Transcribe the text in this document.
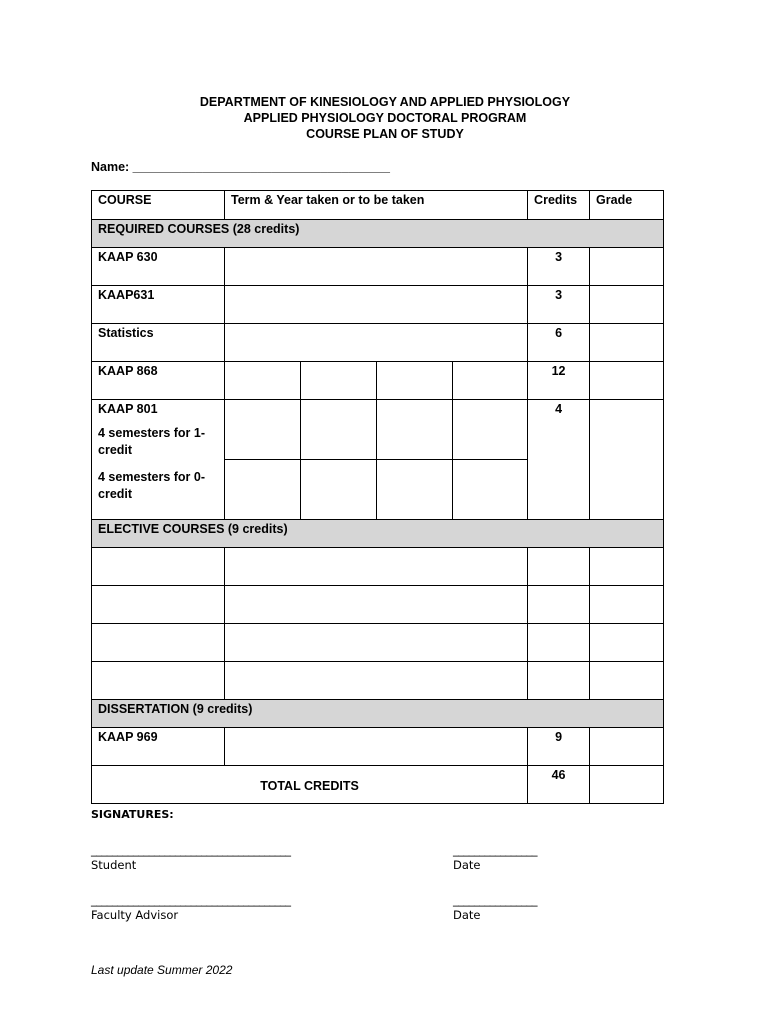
DEPARTMENT OF KINESIOLOGY AND APPLIED PHYSIOLOGY
APPLIED PHYSIOLOGY DOCTORAL PROGRAM
COURSE PLAN OF STUDY
Name: _____________________________________
COURSE	Term & Year taken or to be taken				Credits	Grade

REQUIRED COURSES (28 credits)						

KAAP 630					3	

KAAP631					3	

Statistics					6	

KAAP 868					12	

KAAP 801
4 semesters for 1-credit
4 semesters for 0-credit					4	

ELECTIVE COURSES (9 credits)						

DISSERTATION (9 credits)						

KAAP 969					9	

TOTAL CREDITS					46	

SIGNATURES:
______________________________________
Student
________________
Date
______________________________________
Faculty Advisor
________________
Date
Last update Summer 2022
